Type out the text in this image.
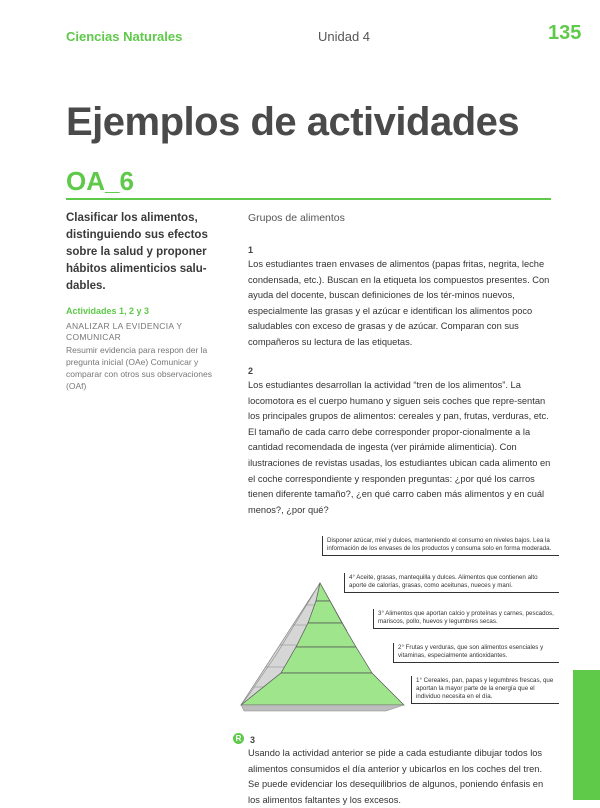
Ciencias Naturales	Unidad 4	135
Ejemplos de actividades
OA_6
Clasificar los alimentos, distinguiendo sus efectos sobre la salud y proponer hábitos alimenticios salu-dables.
Actividades 1, 2 y 3
ANALIZAR LA EVIDENCIA Y COMUNICAR
Resumir evidencia para respon der la pregunta inicial (OAe) Comunicar y comparar con otros sus observaciones (OAf)
Grupos de alimentos
1
Los estudiantes traen envases de alimentos (papas fritas, negrita, leche condensada, etc.). Buscan en la etiqueta los compuestos presentes. Con ayuda del docente, buscan definiciones de los tér-minos nuevos, especialmente las grasas y el azúcar e identifican los alimentos poco saludables con exceso de grasas y de azúcar. Comparan con sus compañeros su lectura de las etiquetas.
2
Los estudiantes desarrollan la actividad “tren de los alimentos”. La locomotora es el cuerpo humano y siguen seis coches que repre-sentan los principales grupos de alimentos: cereales y pan, frutas, verduras, etc. El tamaño de cada carro debe corresponder propor-cionalmente a la cantidad recomendada de ingesta (ver pirámide alimenticia). Con ilustraciones de revistas usadas, los estudiantes ubican cada alimento en el coche correspondiente y responden preguntas: ¿por qué los carros tienen diferente tamaño?, ¿en qué carro caben más alimentos y en cuál menos?, ¿por qué?
Disponer azúcar, miel y dulces, manteniendo el consumo en niveles bajos. Lea la información de los envases de los productos y consuma solo en forma moderada.
4° Aceite, grasas, mantequilla y dulces. Alimentos que contienen alto aporte de calorías, grasas, como aceitunas, nueces y maní.
3° Alimentos que aportan calcio y proteínas y carnes, pescados, mariscos, pollo, huevos y legumbres secas.
2° Frutas y verduras, que son alimentos esenciales y vitaminas, especialmente antioxidantes.
1° Cereales, pan, papas y legumbres frescas, que aportan la mayor parte de la energía que el individuo necesita en el día.
R 3
Usando la actividad anterior se pide a cada estudiante dibujar todos los alimentos consumidos el día anterior y ubicarlos en los coches del tren. Se puede evidenciar los desequilibrios de algunos, poniendo énfasis en los alimentos faltantes y los excesos.
